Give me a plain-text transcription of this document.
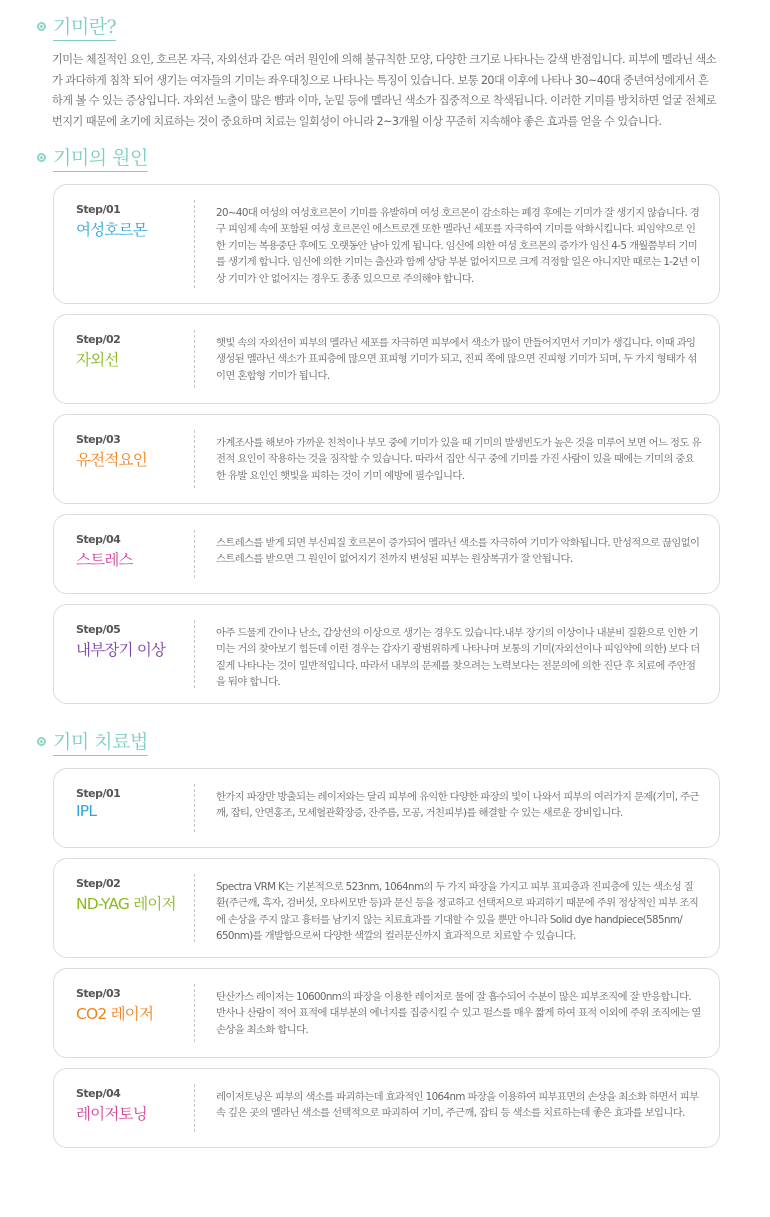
기미란?

기미는 체질적인 요인, 호르몬 자극, 자외선과 같은 여러 원인에 의해 불규칙한 모양, 다양한 크기로 나타나는 갈색 반점입니다. 피부에 멜라닌 색소가 과다하게 침착 되어 생기는 여자들의 기미는 좌우대칭으로 나타나는 특징이 있습니다. 보통 20대 이후에 나타나 30~40대 중년여성에게서 흔하게 볼 수 있는 증상입니다. 자외선 노출이 많은 뺨과 이마, 눈밑 등에 멜라닌 색소가 집중적으로 착색됩니다. 이러한 기미를 방치하면 얼굴 전체로 번지기 때문에 초기에 치료하는 것이 중요하며 치료는 일회성이 아니라 2~3개월 이상 꾸준히 지속해야 좋은 효과를 얻을 수 있습니다.

기미의 원인
Step/01
여성호르몬

20~40대 여성의 여성호르몬이 기미를 유발하며 여성 호르몬이 감소하는 폐경 후에는 기미가 잘 생기지 않습니다. 경구 피임제 속에 포함된 여성 호르몬인 에스트로겐 또한 멜라닌 세포를 자극하여 기미를 악화시킵니다. 피임약으로 인한 기미는 복용중단 후에도 오랫동안 남아 있게 됩니다. 임신에 의한 여성 호르몬의 증가가 임신 4-5 개월쯤부터 기미를 생기게 합니다. 임신에 의한 기미는 출산과 함께 상당 부분 없어지므로 크게 걱정할 일은 아니지만 때로는 1-2년 이상 기미가 안 없어지는 경우도 종종 있으므로 주의해야 합니다.

Step/02
자외선

햇빛 속의 자외선이 피부의 멜라닌 세포를 자극하면 피부에서 색소가 많이 만들어지면서 기미가 생깁니다. 이때 과잉 생성된 멜라닌 색소가 표피층에 많으면 표피형 기미가 되고, 진피 쪽에 많으면 진피형 기미가 되며, 두 가지 형태가 섞이면 혼합형 기미가 됩니다.

Step/03
유전적요인

가계조사를 해보아 가까운 친척이나 부모 중에 기미가 있을 때 기미의 발생빈도가 높은 것을 미루어 보면 어느 정도 유전적 요인이 작용하는 것을 짐작할 수 있습니다. 따라서 집안 식구 중에 기미를 가진 사람이 있을 때에는 기미의 중요한 유발 요인인 햇빛을 피하는 것이 기미 예방에 필수입니다.

Step/04
스트레스

스트레스를 받게 되면 부신피질 호르몬이 증가되어 멜라닌 색소를 자극하여 기미가 악화됩니다. 만성적으로 끊임없이 스트레스를 받으면 그 원인이 없어지기 전까지 변성된 피부는 원상복귀가 잘 안됩니다.

Step/05
내부장기 이상

아주 드물게 간이나 난소, 갑상선의 이상으로 생기는 경우도 있습니다.내부 장기의 이상이나 내분비 질환으로 인한 기미는 거의 찾아보기 힘든데 이런 경우는 갑자기 광범위하게 나타나며 보통의 기미(자외선이나 피임약에 의한) 보다 더 짙게 나타나는 것이 일반적입니다. 따라서 내부의 문제를 찾으려는 노력보다는 전문의에 의한 진단 후 치료에 주안점을 둬야 합니다.

기미 치료법
Step/01
IPL

한가지 파장만 방출되는 레이저와는 달리 피부에 유익한 다양한 파장의 빛이 나와서 피부의 여러가지 문제(기미, 주근깨, 잡티, 안면홍조, 모세혈관확장증, 잔주름, 모공, 거친피부)를 해결할 수 있는 새로운 장비입니다.

Step/02
ND-YAG 레이저

Spectra VRM K는 기본적으로 523nm, 1064nm의 두 가지 파장을 가지고 피부 표피층과 진피층에 있는 색소성 질환(주근깨, 흑자, 검버섯, 오타씨모반 등)과 문신 등을 정교하고 선택저으로 파괴하기 때문에 주위 정상적인 피부 조직에 손상을 주지 않고 흉터를 남기지 않는 치료효과를 기대할 수 있을 뿐만 아니라 Solid dye handpiece(585nm/ 650nm)를 개발함으로써 다양한 색깔의 컬러문신까지 효과적으로 치료할 수 있습니다.

Step/03
CO2 레이저

탄산가스 레이저는 10600nm의 파장을 이용한 레이저로 물에 잘 흡수되어 수분이 많은 피부조직에 잘 반응합니다. 반사나 산람이 적어 표적에 대부분의 에너지를 집중시킬 수 있고 펄스를 매우 짧게 하여 표적 이외에 주위 조직에는 열손상을 최소화 합니다.

Step/04
레이저토닝

레이저토닝은 피부의 색소를 파괴하는데 효과적인 1064nm 파장을 이용하여 피부표면의 손상을 최소화 하면서 피부 속 깊은 곳의 멜라닌 색소를 선택적으로 파괴하여 기미, 주근깨, 잡티 등 색소를 치료하는데 좋은 효과를 보입니다.
